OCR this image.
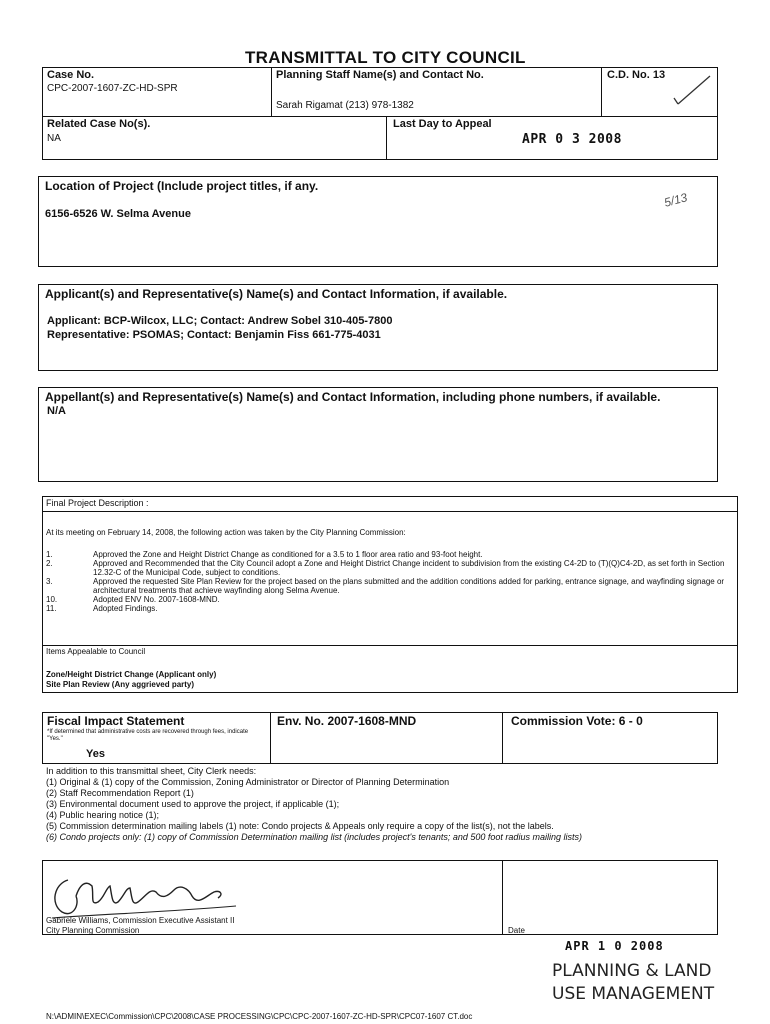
TRANSMITTAL TO CITY COUNCIL
Case No.
CPC-2007-1607-ZC-HD-SPR
Planning Staff Name(s) and Contact No.
Sarah Rigamat (213) 978-1382
C.D. No. 13
Related Case No(s).
NA
Last Day to Appeal
APR 0 3 2008
Location of Project (Include project titles, if any.
6156-6526 W. Selma Avenue
5/13
Applicant(s) and Representative(s) Name(s) and Contact Information, if available.
Applicant: BCP-Wilcox, LLC; Contact: Andrew Sobel 310-405-7800
Representative: PSOMAS; Contact: Benjamin Fiss 661-775-4031
Appellant(s) and Representative(s) Name(s) and Contact Information, including phone numbers, if available.
N/A
Final Project Description :
At its meeting on February 14, 2008, the following action was taken by the City Planning Commission:
1.	Approved the Zone and Height District Change as conditioned for a 3.5 to 1 floor area ratio and 93-foot height.
2.	Approved and Recommended that the City Council adopt a Zone and Height District Change incident to subdivision from the existing C4-2D to (T)(Q)C4-2D, as set forth in Section 12.32-C of the Municipal Code, subject to conditions.
3.	Approved the requested Site Plan Review for the project based on the plans submitted and the addition conditions added for parking, entrance signage, and wayfinding signage or architectural treatments that achieve wayfinding along Selma Avenue.
10.	Adopted ENV No. 2007-1608-MND.
11.	Adopted Findings.
Items Appealable to Council
Zone/Height District Change (Applicant only)
Site Plan Review (Any aggrieved party)
Fiscal Impact Statement
*If determined that administrative costs are recovered through fees, indicate "Yes."
Yes
Env. No. 2007-1608-MND	Commission Vote: 6 - 0
In addition to this transmittal sheet, City Clerk needs:
(1) Original & (1) copy of the Commission, Zoning Administrator or Director of Planning Determination
(2) Staff Recommendation Report (1)
(3) Environmental document used to approve the project, if applicable (1);
(4) Public hearing notice (1);
(5) Commission determination mailing labels (1) note: Condo projects & Appeals only require a copy of the list(s), not the labels.
(6) Condo projects only: (1) copy of Commission Determination mailing list (includes project's tenants; and 500 foot radius mailing lists)
Gabriele Williams, Commission Executive Assistant II
City Planning Commission	Date
APR 1 0 2008
PLANNING & LAND
USE MANAGEMENT
N:\ADMIN\EXEC\Commission\CPC\2008\CASE PROCESSING\CPC\CPC-2007-1607-ZC-HD-SPR\CPC07-1607 CT.doc
